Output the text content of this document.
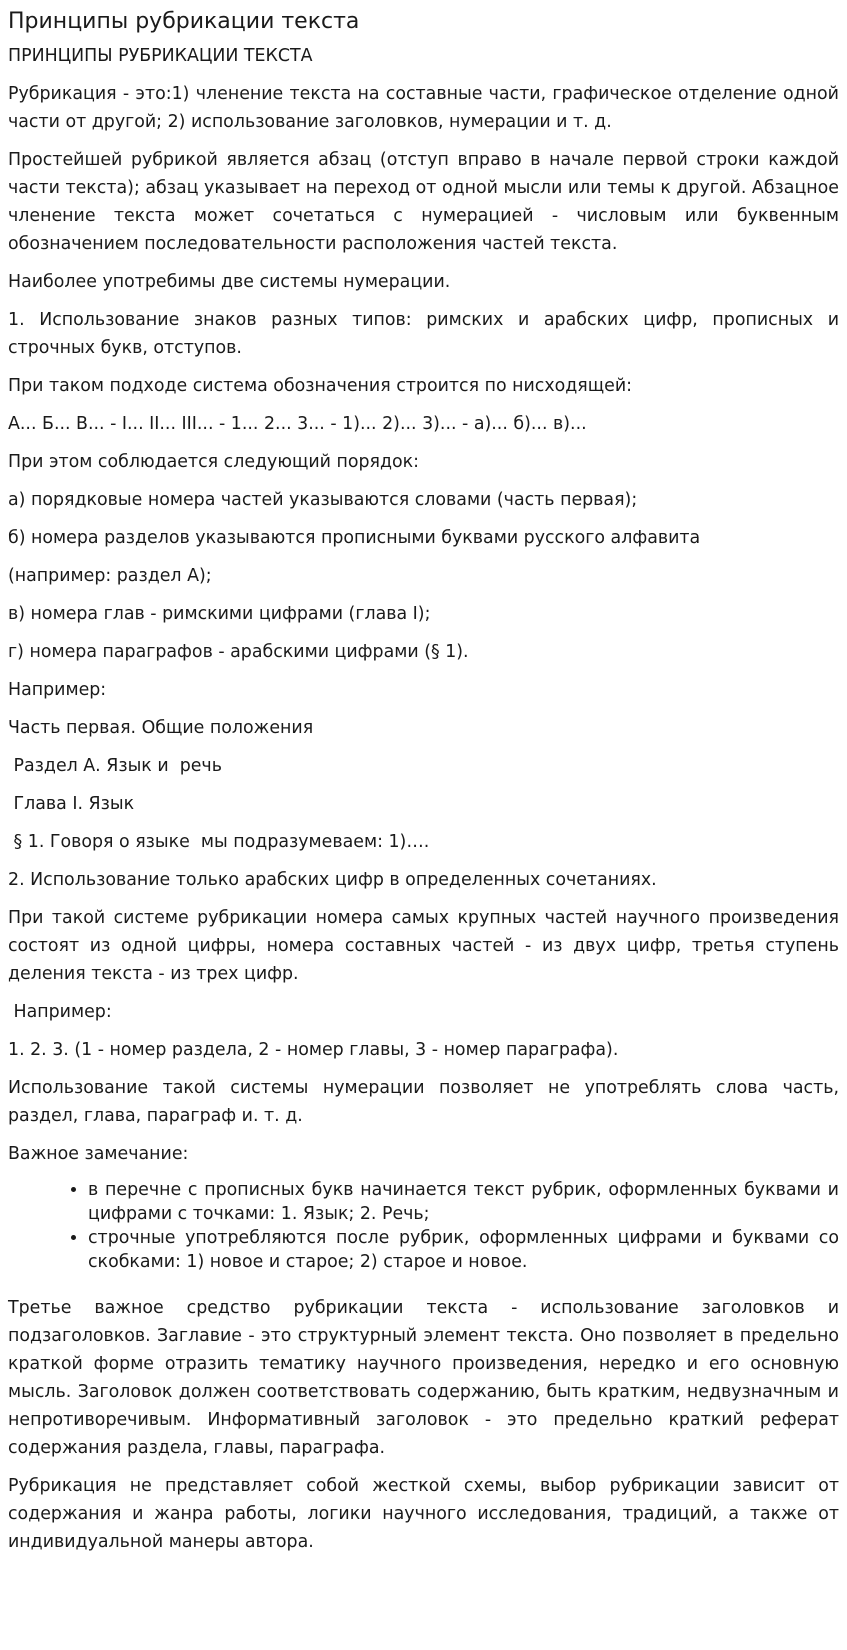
Принципы рубрикации текста

ПРИНЦИПЫ РУБРИКАЦИИ ТЕКСТА

Рубрикация - это:1) членение текста на составные части, графическое отделение одной части от другой; 2) использование заголовков, нумерации и т. д.

Простейшей рубрикой является абзац (отступ вправо в начале первой строки каждой части текста); абзац указывает на переход от одной мысли или темы к другой. Абзацное членение текста может сочетаться с нумерацией - числовым или буквенным обозначением последовательности расположения частей текста.

Наиболее употребимы две системы нумерации.

1. Использование знаков разных типов: римских и арабских цифр, прописных и строчных букв, отступов.

При таком подходе система обозначения строится по нисходящей:

А... Б... В... - I... II... III... - 1... 2... 3... - 1)... 2)... 3)... - а)... б)... в)...

При этом соблюдается следующий порядок:

а) порядковые номера частей указываются словами (часть первая);

б) номера разделов указываются прописными буквами русского алфавита

(например: раздел А);

в) номера глав - римскими цифрами (глава I);

г) номера параграфов - арабскими цифрами (§ 1).

Например:

Часть первая. Общие положения

Раздел А. Язык и  речь

Глава I. Язык

§ 1. Говоря о языке  мы подразумеваем: 1)….

2. Использование только арабских цифр в определенных сочетаниях.

При такой системе рубрикации номера самых крупных частей научного произведения состоят из одной цифры, номера составных частей - из двух цифр, третья ступень деления текста - из трех цифр.

Например:

1. 2. 3. (1 - номер раздела, 2 - номер главы, 3 - номер параграфа).

Использование такой системы нумерации позволяет не употреблять слова часть, раздел, глава, параграф и. т. д.

Важное замечание:

• в перечне с прописных букв начинается текст рубрик, оформленных буквами и цифрами с точками: 1. Язык; 2. Речь;
• строчные употребляются после рубрик, оформленных цифрами и буквами со скобками: 1) новое и старое; 2) старое и новое.

Третье важное средство рубрикации текста - использование заголовков и подзаголовков. Заглавие - это структурный элемент текста. Оно позволяет в предельно краткой форме отразить тематику научного произведения, нередко и его основную мысль. Заголовок должен соответствовать содержанию, быть кратким, недвузначным и непротиворечивым. Информативный заголовок - это предельно краткий реферат содержания раздела, главы, параграфа.

Рубрикация не представляет собой жесткой схемы, выбор рубрикации зависит от содержания и жанра работы, логики научного исследования, традиций, а также от индивидуальной манеры автора.
